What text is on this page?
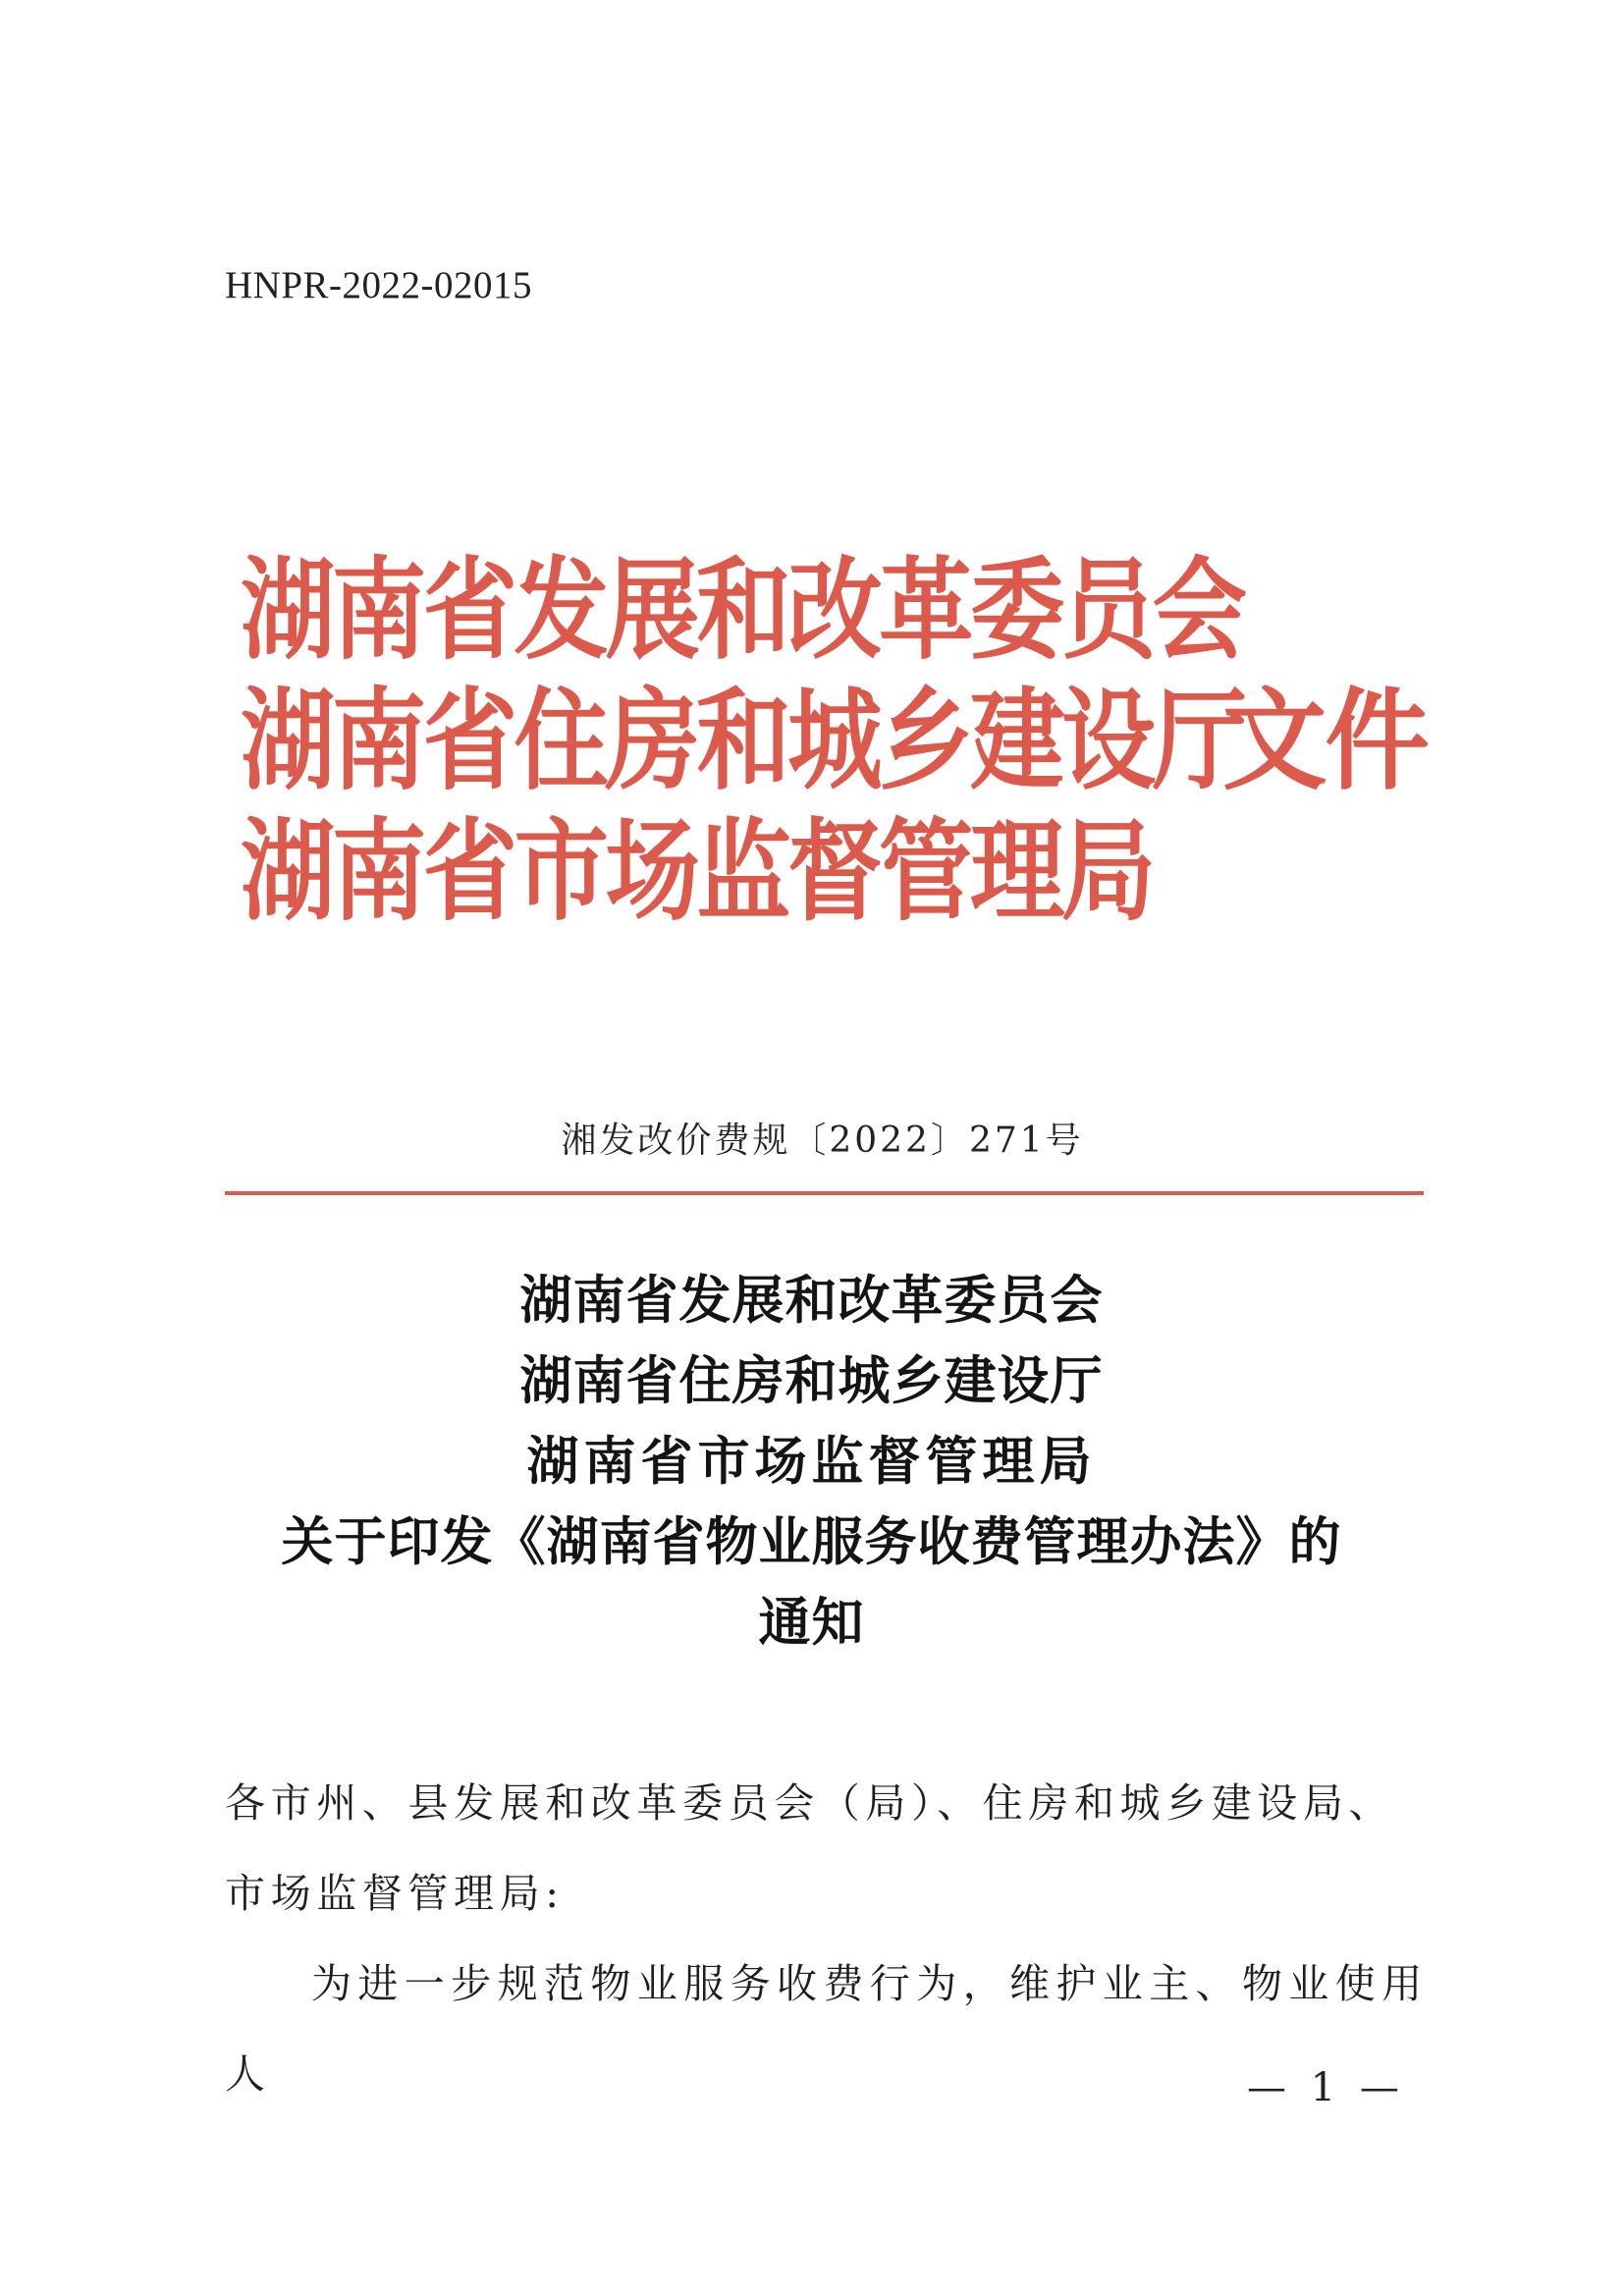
HNPR-2022-02015
湖南省发展和改革委员会
湖南省住房和城乡建设厅
湖南省市场监督管理局
文件
湘发改价费规〔2022〕271号
湖南省发展和改革委员会
湖南省住房和城乡建设厅
湖南省市场监督管理局
关于印发《湖南省物业服务收费管理办法》的
通知

各市州、县发展和改革委员会（局）、住房和城乡建设局、市场监督管理局:

为进一步规范物业服务收费行为，维护业主、物业使用人	— 1 —
